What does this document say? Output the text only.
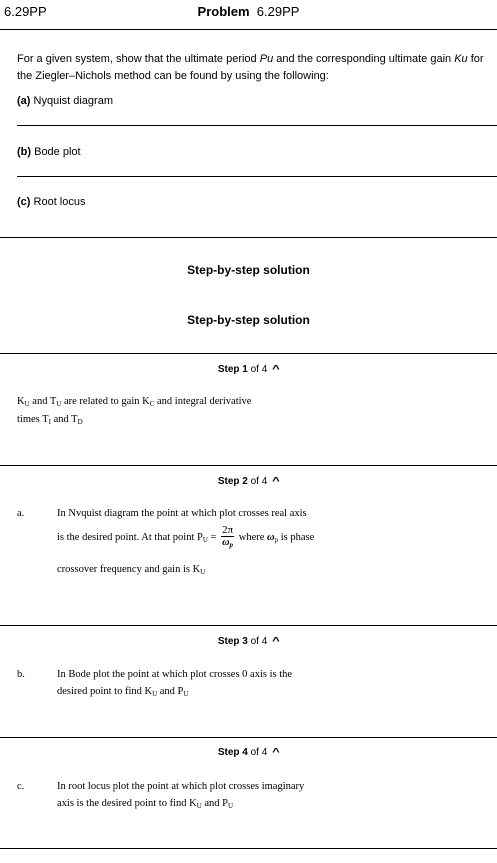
6.29PP	Problem 6.29PP
For a given system, show that the ultimate period Pu and the corresponding ultimate gain Ku for
the Ziegler–Nichols method can be found by using the following:
(a) Nyquist diagram
(b) Bode plot
(c) Root locus
Step-by-step solution
Step-by-step solution
Step 1 of 4 ^
$K_U$ and $T_U$ are related to gain $K_C$ and integral derivative
times $T_I$ and $T_D$
Step 2 of 4 ^
a.	In Nvquist diagram the point at which plot crosses real axis
is the desired point. At that point $P_U = \frac{2\pi}{\omega_p}$ where $\omega_p$ is phase
crossover frequency and gain is $K_U$
Step 3 of 4 ^
b.	In Bode plot the point at which plot crosses 0 axis is the
desired point to find $K_U$ and $P_U$
Step 4 of 4 ^
c.	In root locus plot the point at which plot crosses imaginary
axis is the desired point to find $K_U$ and $P_U$
